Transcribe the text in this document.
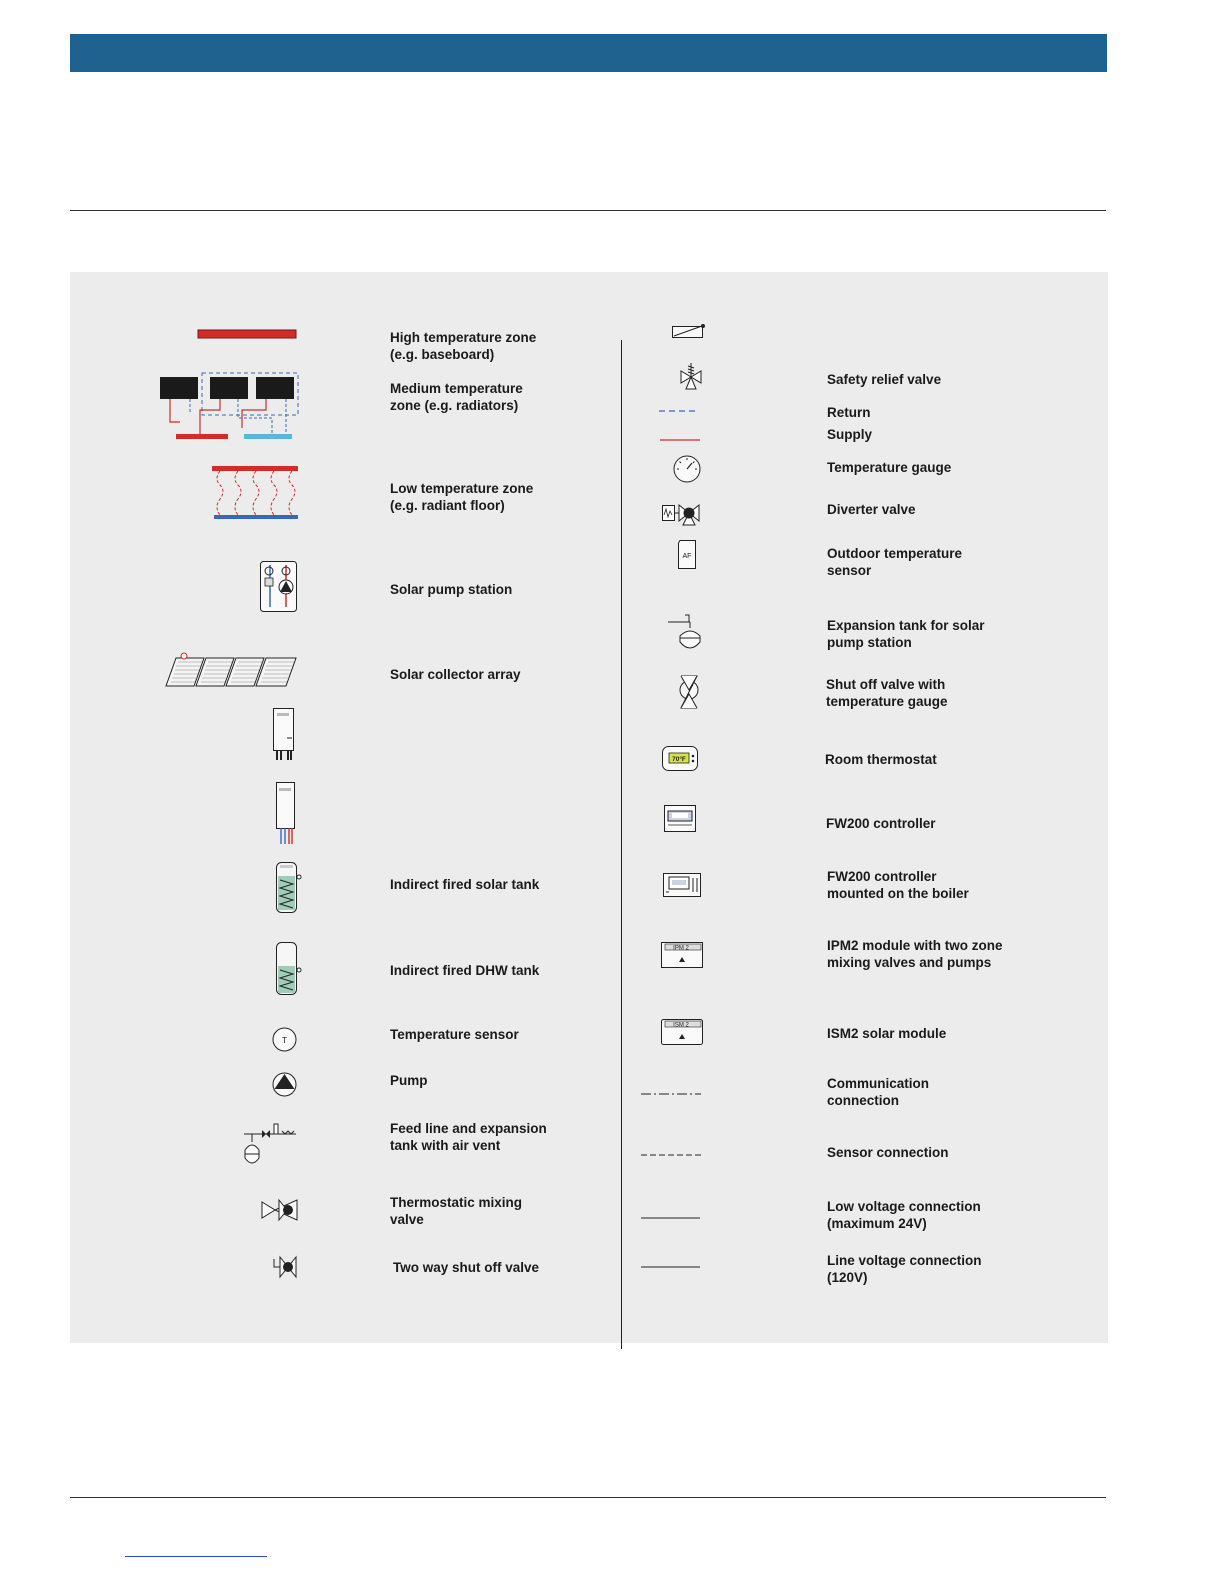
High temperature zone
(e.g. baseboard)
Medium temperature
zone (e.g. radiators)
Low temperature zone
(e.g. radiant floor)
Solar pump station
Solar collector array
Indirect fired solar tank
Indirect fired DHW tank
T	Temperature sensor
Pump
Feed line and expansion
tank with air vent
Thermostatic mixing
valve
Two way shut off valve
Safety relief valve
Return
Supply
Temperature gauge
Diverter valve
AF	Outdoor temperature
sensor
Expansion tank for solar
pump station
Shut off valve with
temperature gauge
70°F	Room thermostat
FW200 controller
FW200 controller
mounted on the boiler
IPM 2	IPM2 module with two zone
mixing valves and pumps
ISM 2
ISM2 solar module
Communication
connection
Sensor connection
Low voltage connection
(maximum 24V)
Line voltage connection
(120V)
